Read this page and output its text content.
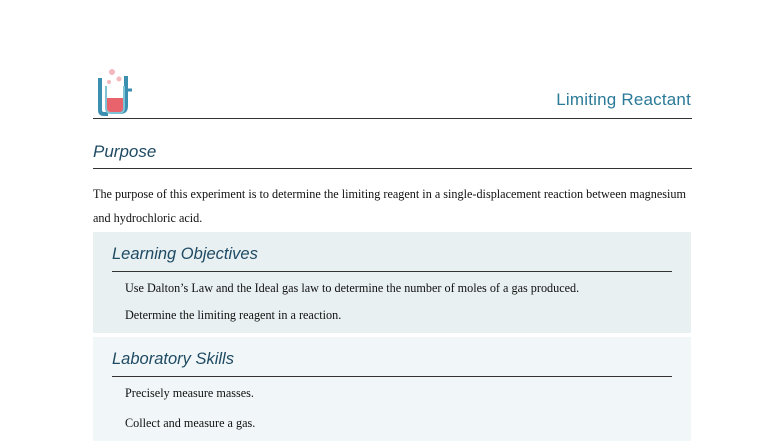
Limiting Reactant
Purpose
The purpose of this experiment is to determine the limiting reagent in a single-displacement reaction between magnesium and hydrochloric acid.
Learning Objectives
Use Dalton’s Law and the Ideal gas law to determine the number of moles of a gas produced.
Determine the limiting reagent in a reaction.
Laboratory Skills
Precisely measure masses.
Collect and measure a gas.
